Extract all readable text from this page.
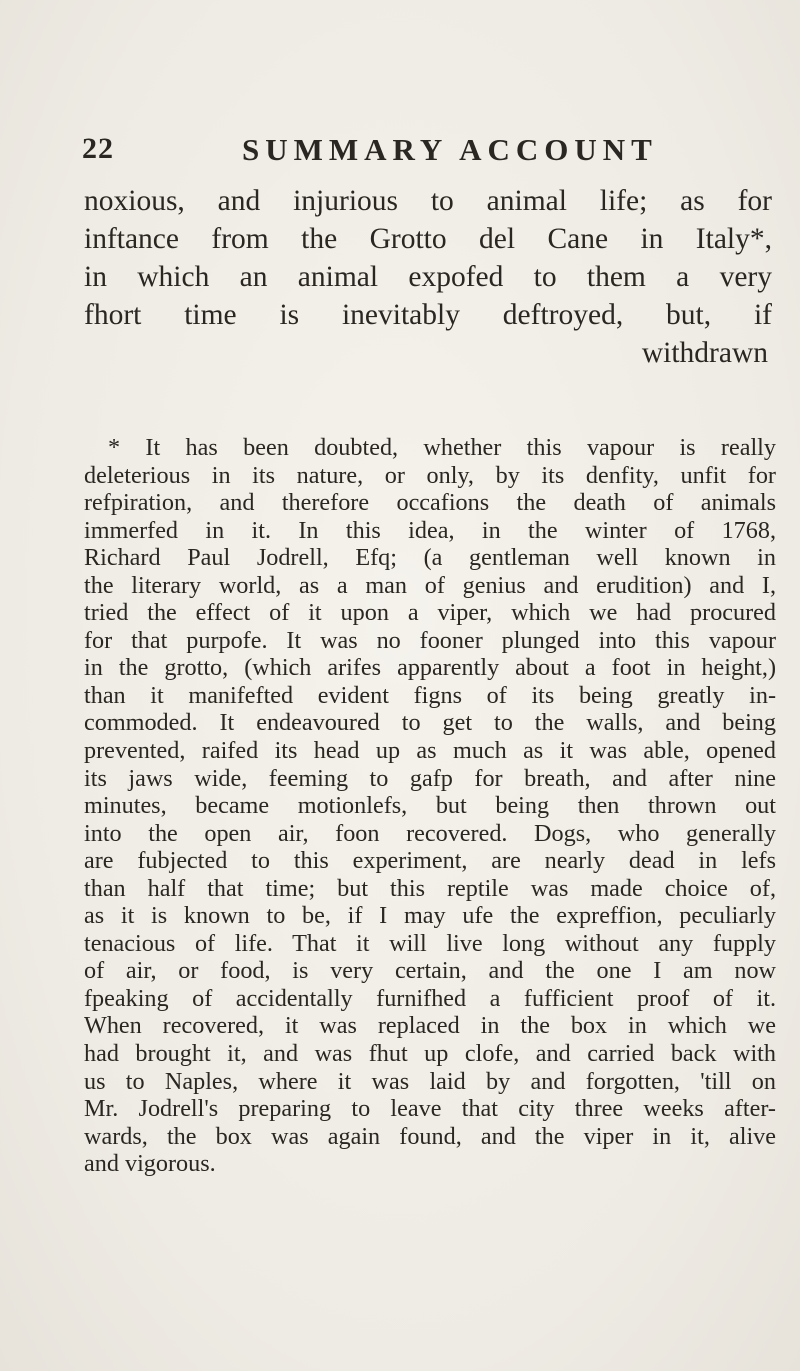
22	SUMMARY ACCOUNT
noxious, and injurious to animal life; as for
inftance from the Grotto del Cane in Italy*,
in which an animal expofed to them a very
fhort time is inevitably deftroyed, but, if
withdrawn
* It has been doubted, whether this vapour is really
deleterious in its nature, or only, by its denfity, unfit for
refpiration, and therefore occafions the death of animals
immerfed in it. In this idea, in the winter of 1768,
Richard Paul Jodrell, Efq; (a gentleman well known in
the literary world, as a man of genius and erudition) and I,
tried the effect of it upon a viper, which we had procured
for that purpofe. It was no fooner plunged into this vapour
in the grotto, (which arifes apparently about a foot in height,)
than it manifefted evident figns of its being greatly in-
commoded. It endeavoured to get to the walls, and being
prevented, raifed its head up as much as it was able, opened
its jaws wide, feeming to gafp for breath, and after nine
minutes, became motionlefs, but being then thrown out
into the open air, foon recovered. Dogs, who generally
are fubjected to this experiment, are nearly dead in lefs
than half that time; but this reptile was made choice of,
as it is known to be, if I may ufe the expreffion, peculiarly
tenacious of life. That it will live long without any fupply
of air, or food, is very certain, and the one I am now
fpeaking of accidentally furnifhed a fufficient proof of it.
When recovered, it was replaced in the box in which we
had brought it, and was fhut up clofe, and carried back with
us to Naples, where it was laid by and forgotten, 'till on
Mr. Jodrell's preparing to leave that city three weeks after-
wards, the box was again found, and the viper in it, alive
and vigorous.
